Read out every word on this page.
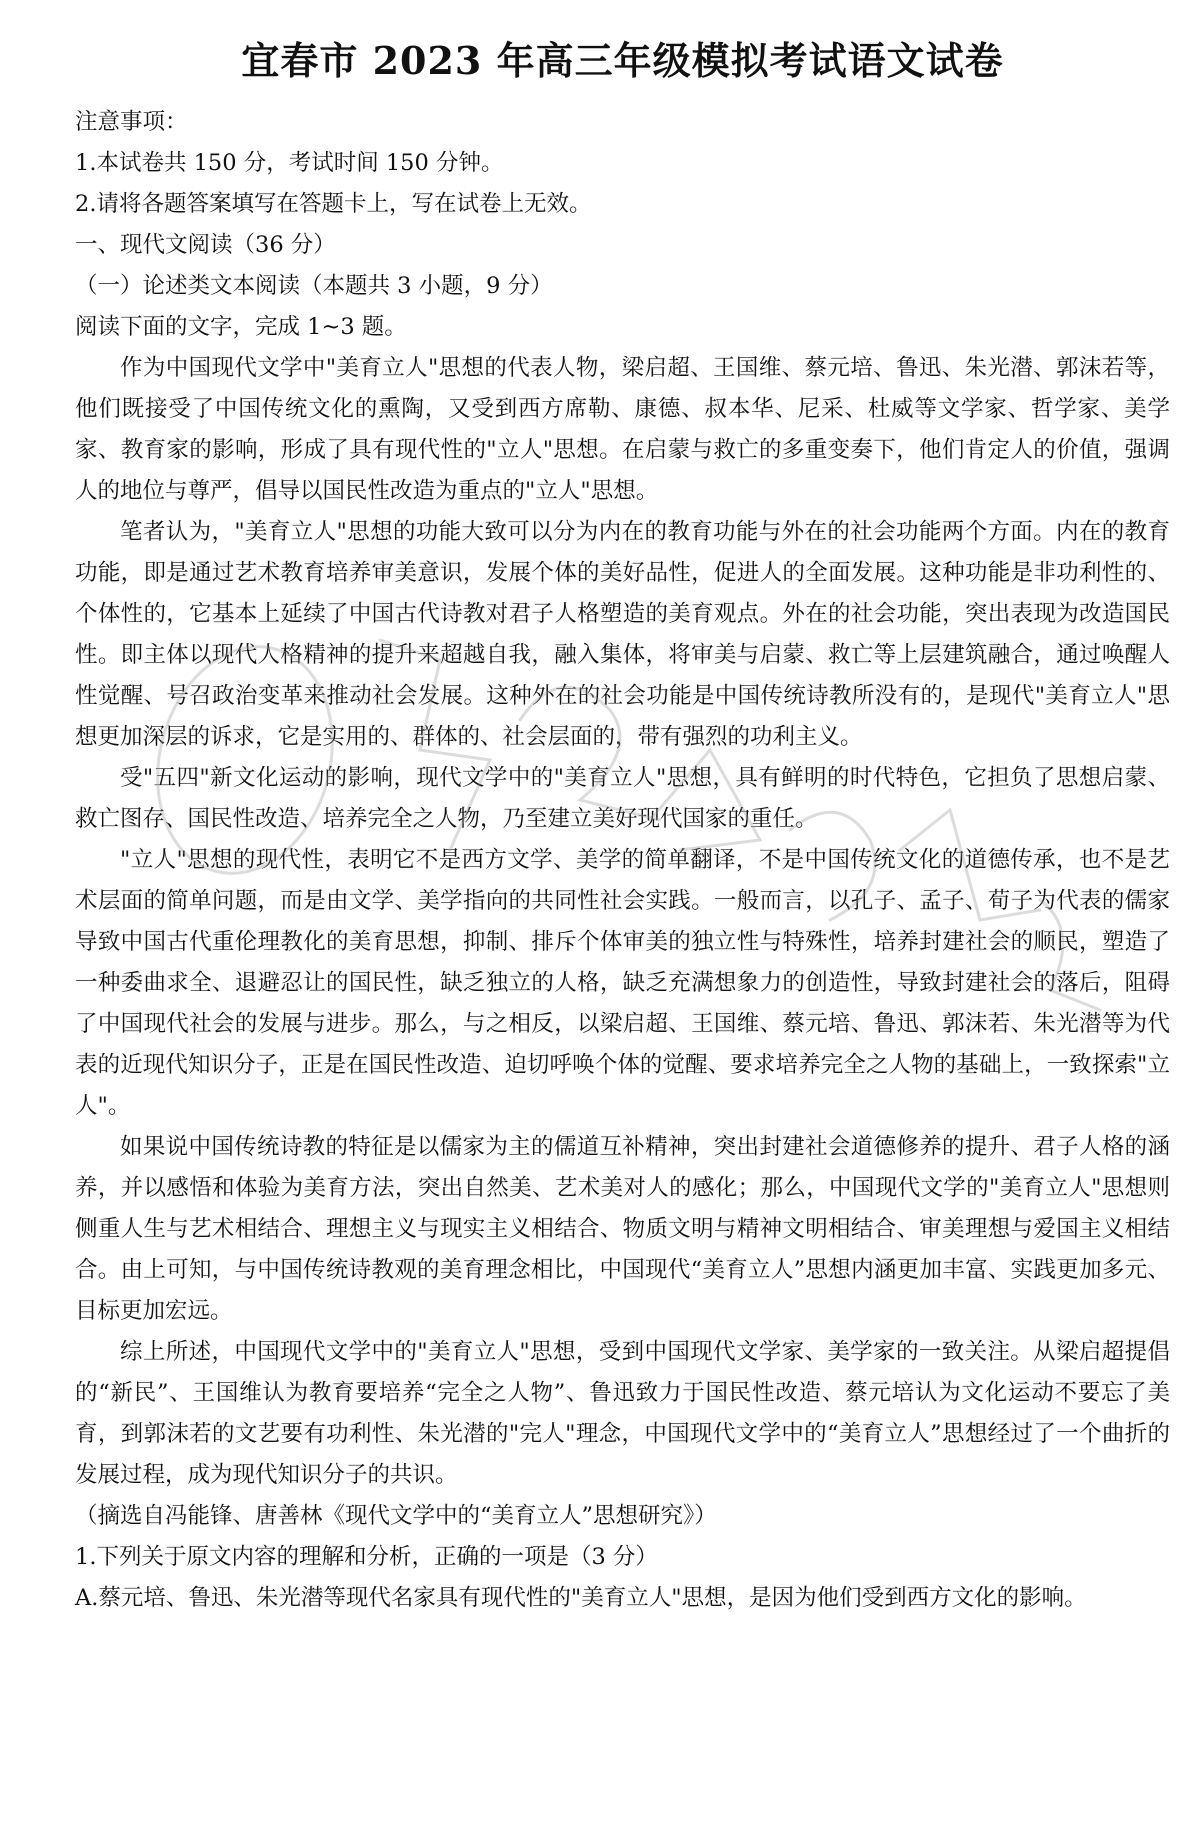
宜春市 2023 年高三年级模拟考试语文试卷

注意事项：

1.本试卷共 150 分，考试时间 150 分钟。

2.请将各题答案填写在答题卡上，写在试卷上无效。

一、现代文阅读（36 分）

（一）论述类文本阅读（本题共 3 小题，9 分）

阅读下面的文字，完成 1~3 题。

作为中国现代文学中"美育立人"思想的代表人物，梁启超、王国维、蔡元培、鲁迅、朱光潜、郭沫若等，他们既接受了中国传统文化的熏陶，又受到西方席勒、康德、叔本华、尼采、杜威等文学家、哲学家、美学家、教育家的影响，形成了具有现代性的"立人"思想。在启蒙与救亡的多重变奏下，他们肯定人的价值，强调人的地位与尊严，倡导以国民性改造为重点的"立人"思想。

笔者认为，"美育立人"思想的功能大致可以分为内在的教育功能与外在的社会功能两个方面。内在的教育功能，即是通过艺术教育培养审美意识，发展个体的美好品性，促进人的全面发展。这种功能是非功利性的、个体性的，它基本上延续了中国古代诗教对君子人格塑造的美育观点。外在的社会功能，突出表现为改造国民性。即主体以现代人格精神的提升来超越自我，融入集体，将审美与启蒙、救亡等上层建筑融合，通过唤醒人性觉醒、号召政治变革来推动社会发展。这种外在的社会功能是中国传统诗教所没有的，是现代"美育立人"思想更加深层的诉求，它是实用的、群体的、社会层面的，带有强烈的功利主义。

受"五四"新文化运动的影响，现代文学中的"美育立人"思想，具有鲜明的时代特色，它担负了思想启蒙、救亡图存、国民性改造、培养完全之人物，乃至建立美好现代国家的重任。

"立人"思想的现代性，表明它不是西方文学、美学的简单翻译，不是中国传统文化的道德传承，也不是艺术层面的简单问题，而是由文学、美学指向的共同性社会实践。一般而言，以孔子、孟子、荀子为代表的儒家导致中国古代重伦理教化的美育思想，抑制、排斥个体审美的独立性与特殊性，培养封建社会的顺民，塑造了一种委曲求全、退避忍让的国民性，缺乏独立的人格，缺乏充满想象力的创造性，导致封建社会的落后，阻碍了中国现代社会的发展与进步。那么，与之相反，以梁启超、王国维、蔡元培、鲁迅、郭沫若、朱光潜等为代表的近现代知识分子，正是在国民性改造、迫切呼唤个体的觉醒、要求培养完全之人物的基础上，一致探索"立人"。

如果说中国传统诗教的特征是以儒家为主的儒道互补精神，突出封建社会道德修养的提升、君子人格的涵养，并以感悟和体验为美育方法，突出自然美、艺术美对人的感化；那么，中国现代文学的"美育立人"思想则侧重人生与艺术相结合、理想主义与现实主义相结合、物质文明与精神文明相结合、审美理想与爱国主义相结合。由上可知，与中国传统诗教观的美育理念相比，中国现代“美育立人”思想内涵更加丰富、实践更加多元、目标更加宏远。

综上所述，中国现代文学中的"美育立人"思想，受到中国现代文学家、美学家的一致关注。从梁启超提倡的“新民”、王国维认为教育要培养“完全之人物”、鲁迅致力于国民性改造、蔡元培认为文化运动不要忘了美育，到郭沫若的文艺要有功利性、朱光潜的"完人"理念，中国现代文学中的“美育立人”思想经过了一个曲折的发展过程，成为现代知识分子的共识。

（摘选自冯能锋、唐善林《现代文学中的“美育立人”思想研究》）

1.下列关于原文内容的理解和分析，正确的一项是（3 分）

A.蔡元培、鲁迅、朱光潜等现代名家具有现代性的"美育立人"思想，是因为他们受到西方文化的影响。
